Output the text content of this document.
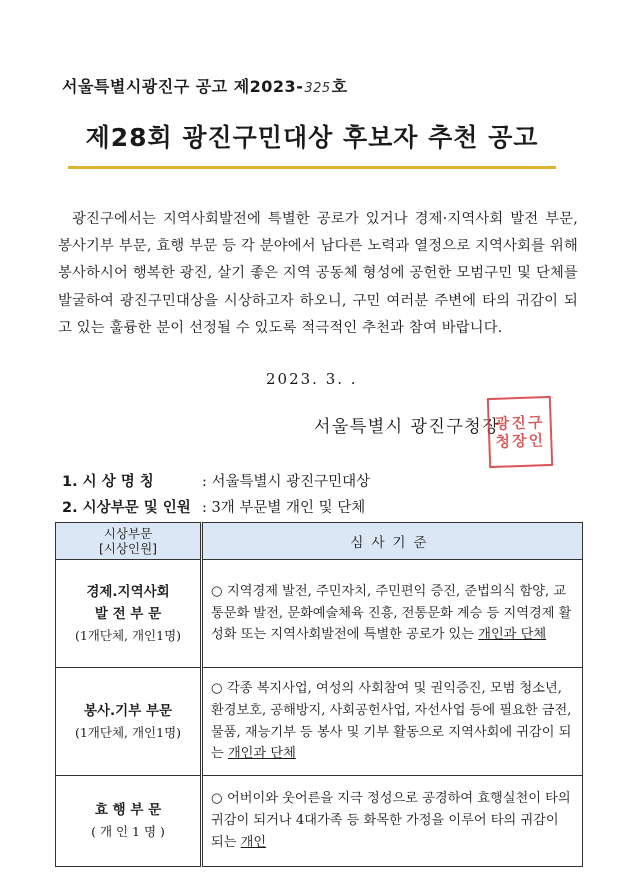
서울특별시광진구 공고 제2023-325호
제28회 광진구민대상 후보자 추천 공고
광진구에서는 지역사회발전에 특별한 공로가 있거나 경제·지역사회 발전 부문, 봉사기부 부문, 효행 부문 등 각 분야에서 남다른 노력과 열정으로 지역사회를 위해 봉사하시어 행복한 광진, 살기 좋은 지역 공동체 형성에 공헌한 모범구민 및 단체를 발굴하여 광진구민대상을 시상하고자 하오니, 구민 여러분 주변에 타의 귀감이 되고 있는 훌륭한 분이 선정될 수 있도록 적극적인 추천과 참여 바랍니다.
2023. 3. .
서울특별시 광진구청장
광진구
청장인
1. 시 상 명 칭	: 서울특별시 광진구민대상
2. 시상부문 및 인원 : 3개 부문별 개인 및 단체
시상부문
[시상인원]	심사기준

경제.지역사회
발 전 부 문
(1개단체, 개인1명)	○ 지역경제 발전, 주민자치, 주민편익 증진, 준법의식 함양, 교통문화 발전, 문화예술체육 진흥, 전통문화 계승 등 지역경제 활성화 또는 지역사회발전에 특별한 공로가 있는 개인과 단체

봉사.기부 부문
(1개단체, 개인1명)	○ 각종 복지사업, 여성의 사회참여 및 권익증진, 모범 청소년, 환경보호, 공해방지, 사회공헌사업, 자선사업 등에 필요한 금전, 물품, 재능기부 등 봉사 및 기부 활동으로 지역사회에 귀감이 되는 개인과 단체

효 행 부 문
( 개 인 1 명 )	○ 어버이와 웃어른을 지극 정성으로 공경하여 효행실천이 타의 귀감이 되거나 4대가족 등 화목한 가정을 이루어 타의 귀감이 되는 개인
